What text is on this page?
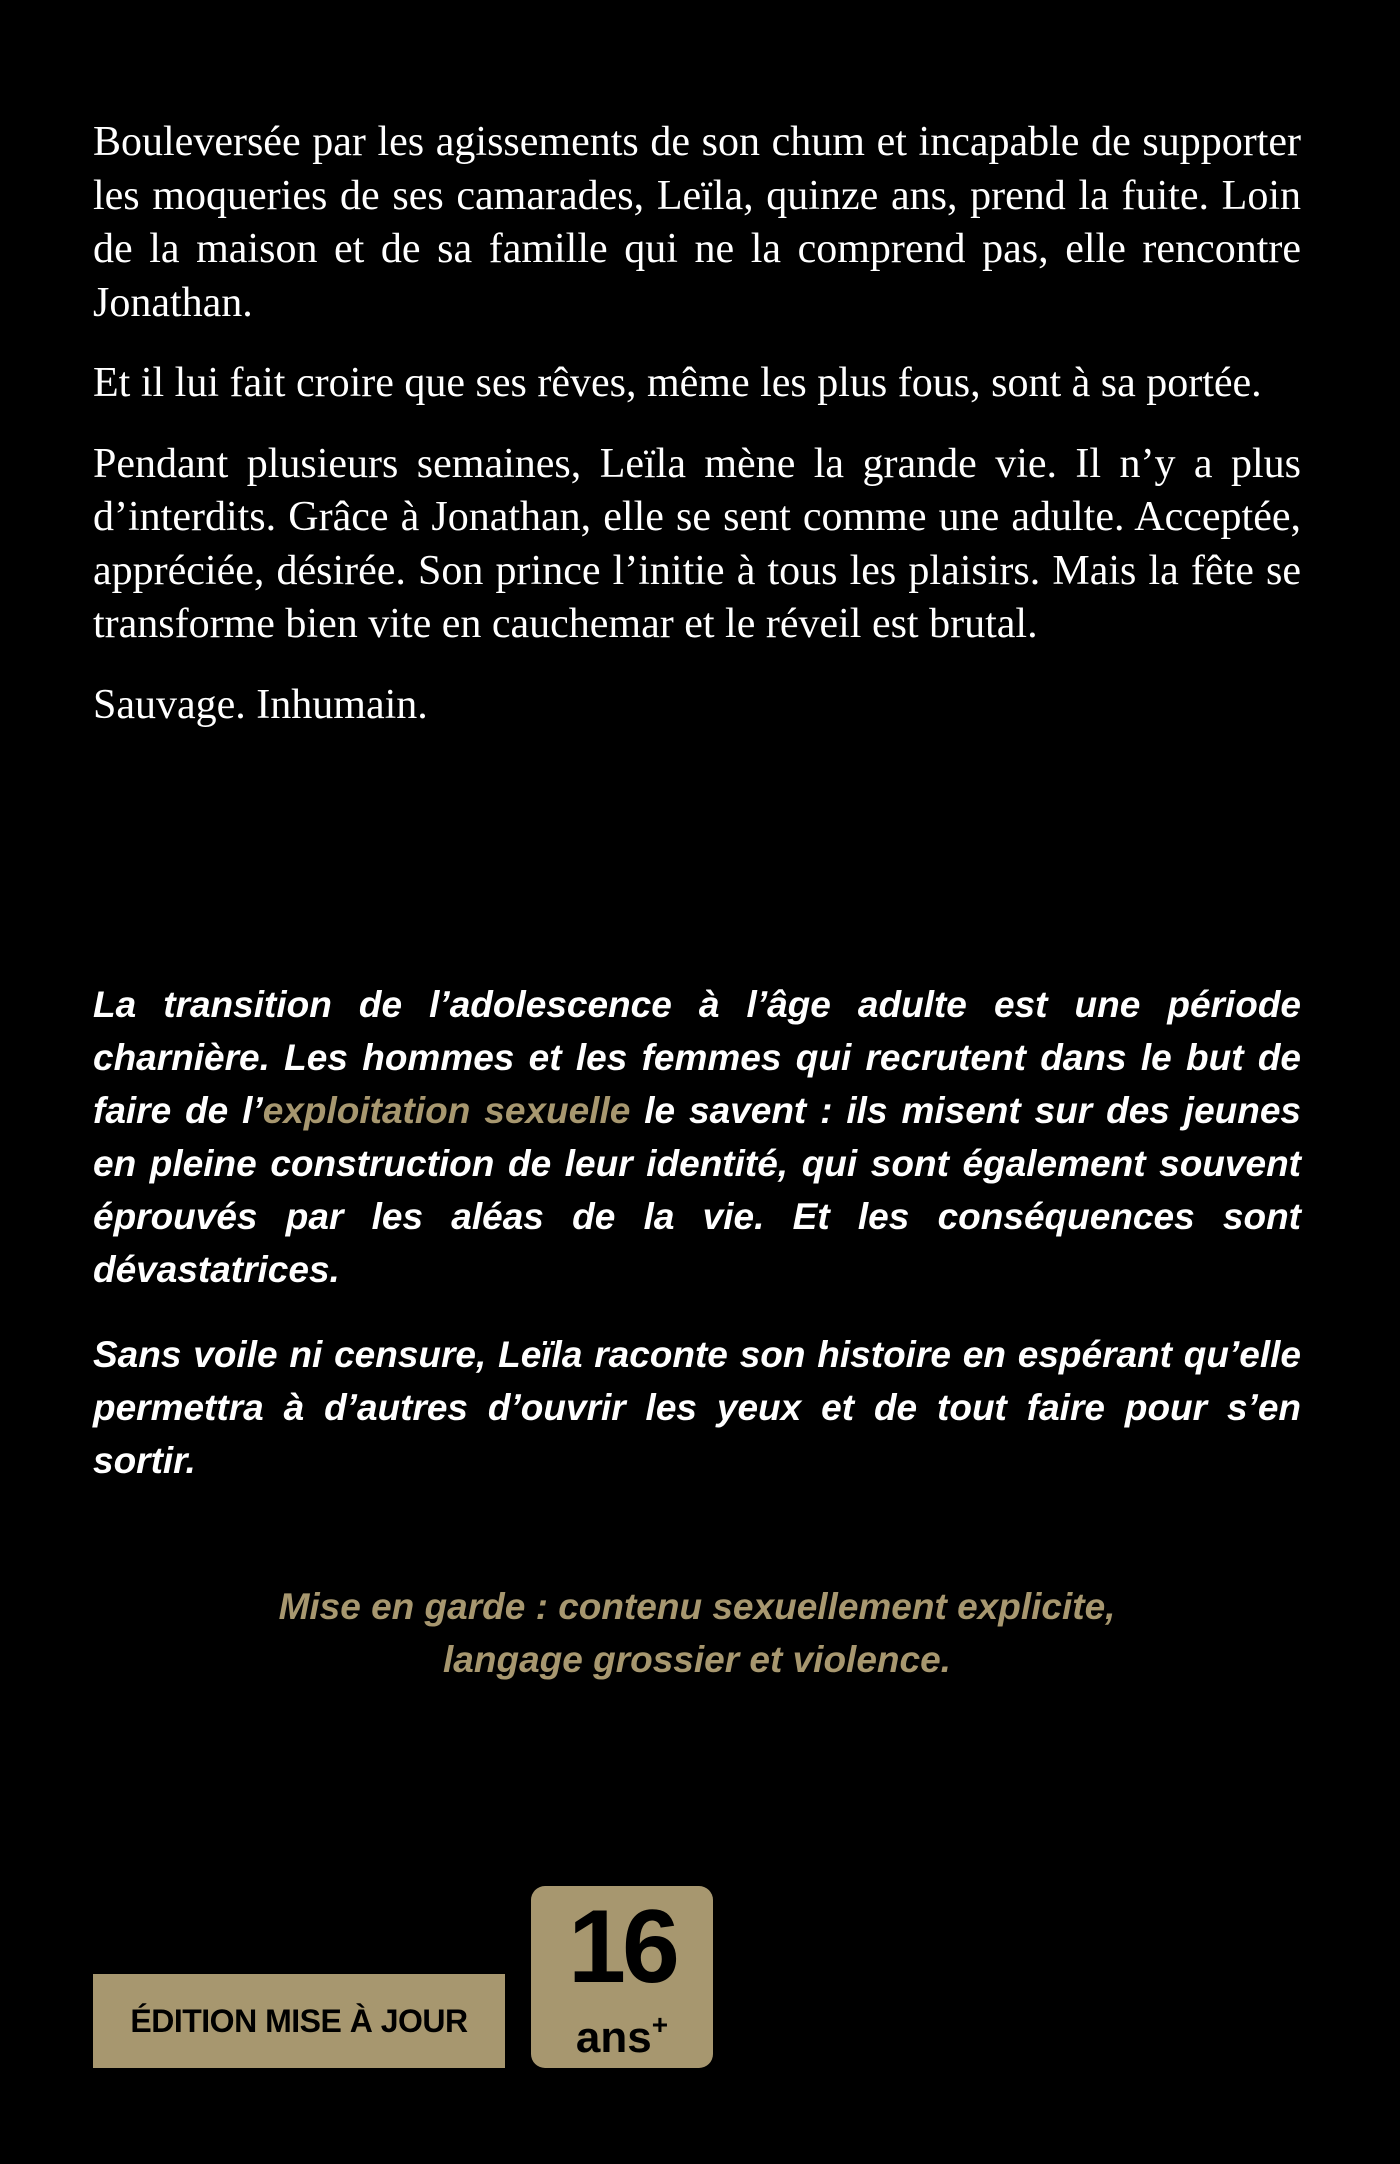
Bouleversée par les agissements de son chum et incapable de supporter les moqueries de ses camarades, Leïla, quinze ans, prend la fuite. Loin de la maison et de sa famille qui ne la comprend pas, elle rencontre Jonathan.

Et il lui fait croire que ses rêves, même les plus fous, sont à sa portée.

Pendant plusieurs semaines, Leïla mène la grande vie. Il n’y a plus d’interdits. Grâce à Jonathan, elle se sent comme une adulte. Acceptée, appréciée, désirée. Son prince l’initie à tous les plaisirs. Mais la fête se transforme bien vite en cauchemar et le réveil est brutal.

Sauvage. Inhumain.

La transition de l’adolescence à l’âge adulte est une période charnière. Les hommes et les femmes qui recrutent dans le but de faire de l’exploitation sexuelle le savent : ils misent sur des jeunes en pleine construction de leur identité, qui sont également souvent éprouvés par les aléas de la vie. Et les conséquences sont dévastatrices.

Sans voile ni censure, Leïla raconte son histoire en espérant qu’elle permettra à d’autres d’ouvrir les yeux et de tout faire pour s’en sortir.

Mise en garde : contenu sexuellement explicite,
langage grossier et violence.
ÉDITION MISE À JOUR
16
ans+
